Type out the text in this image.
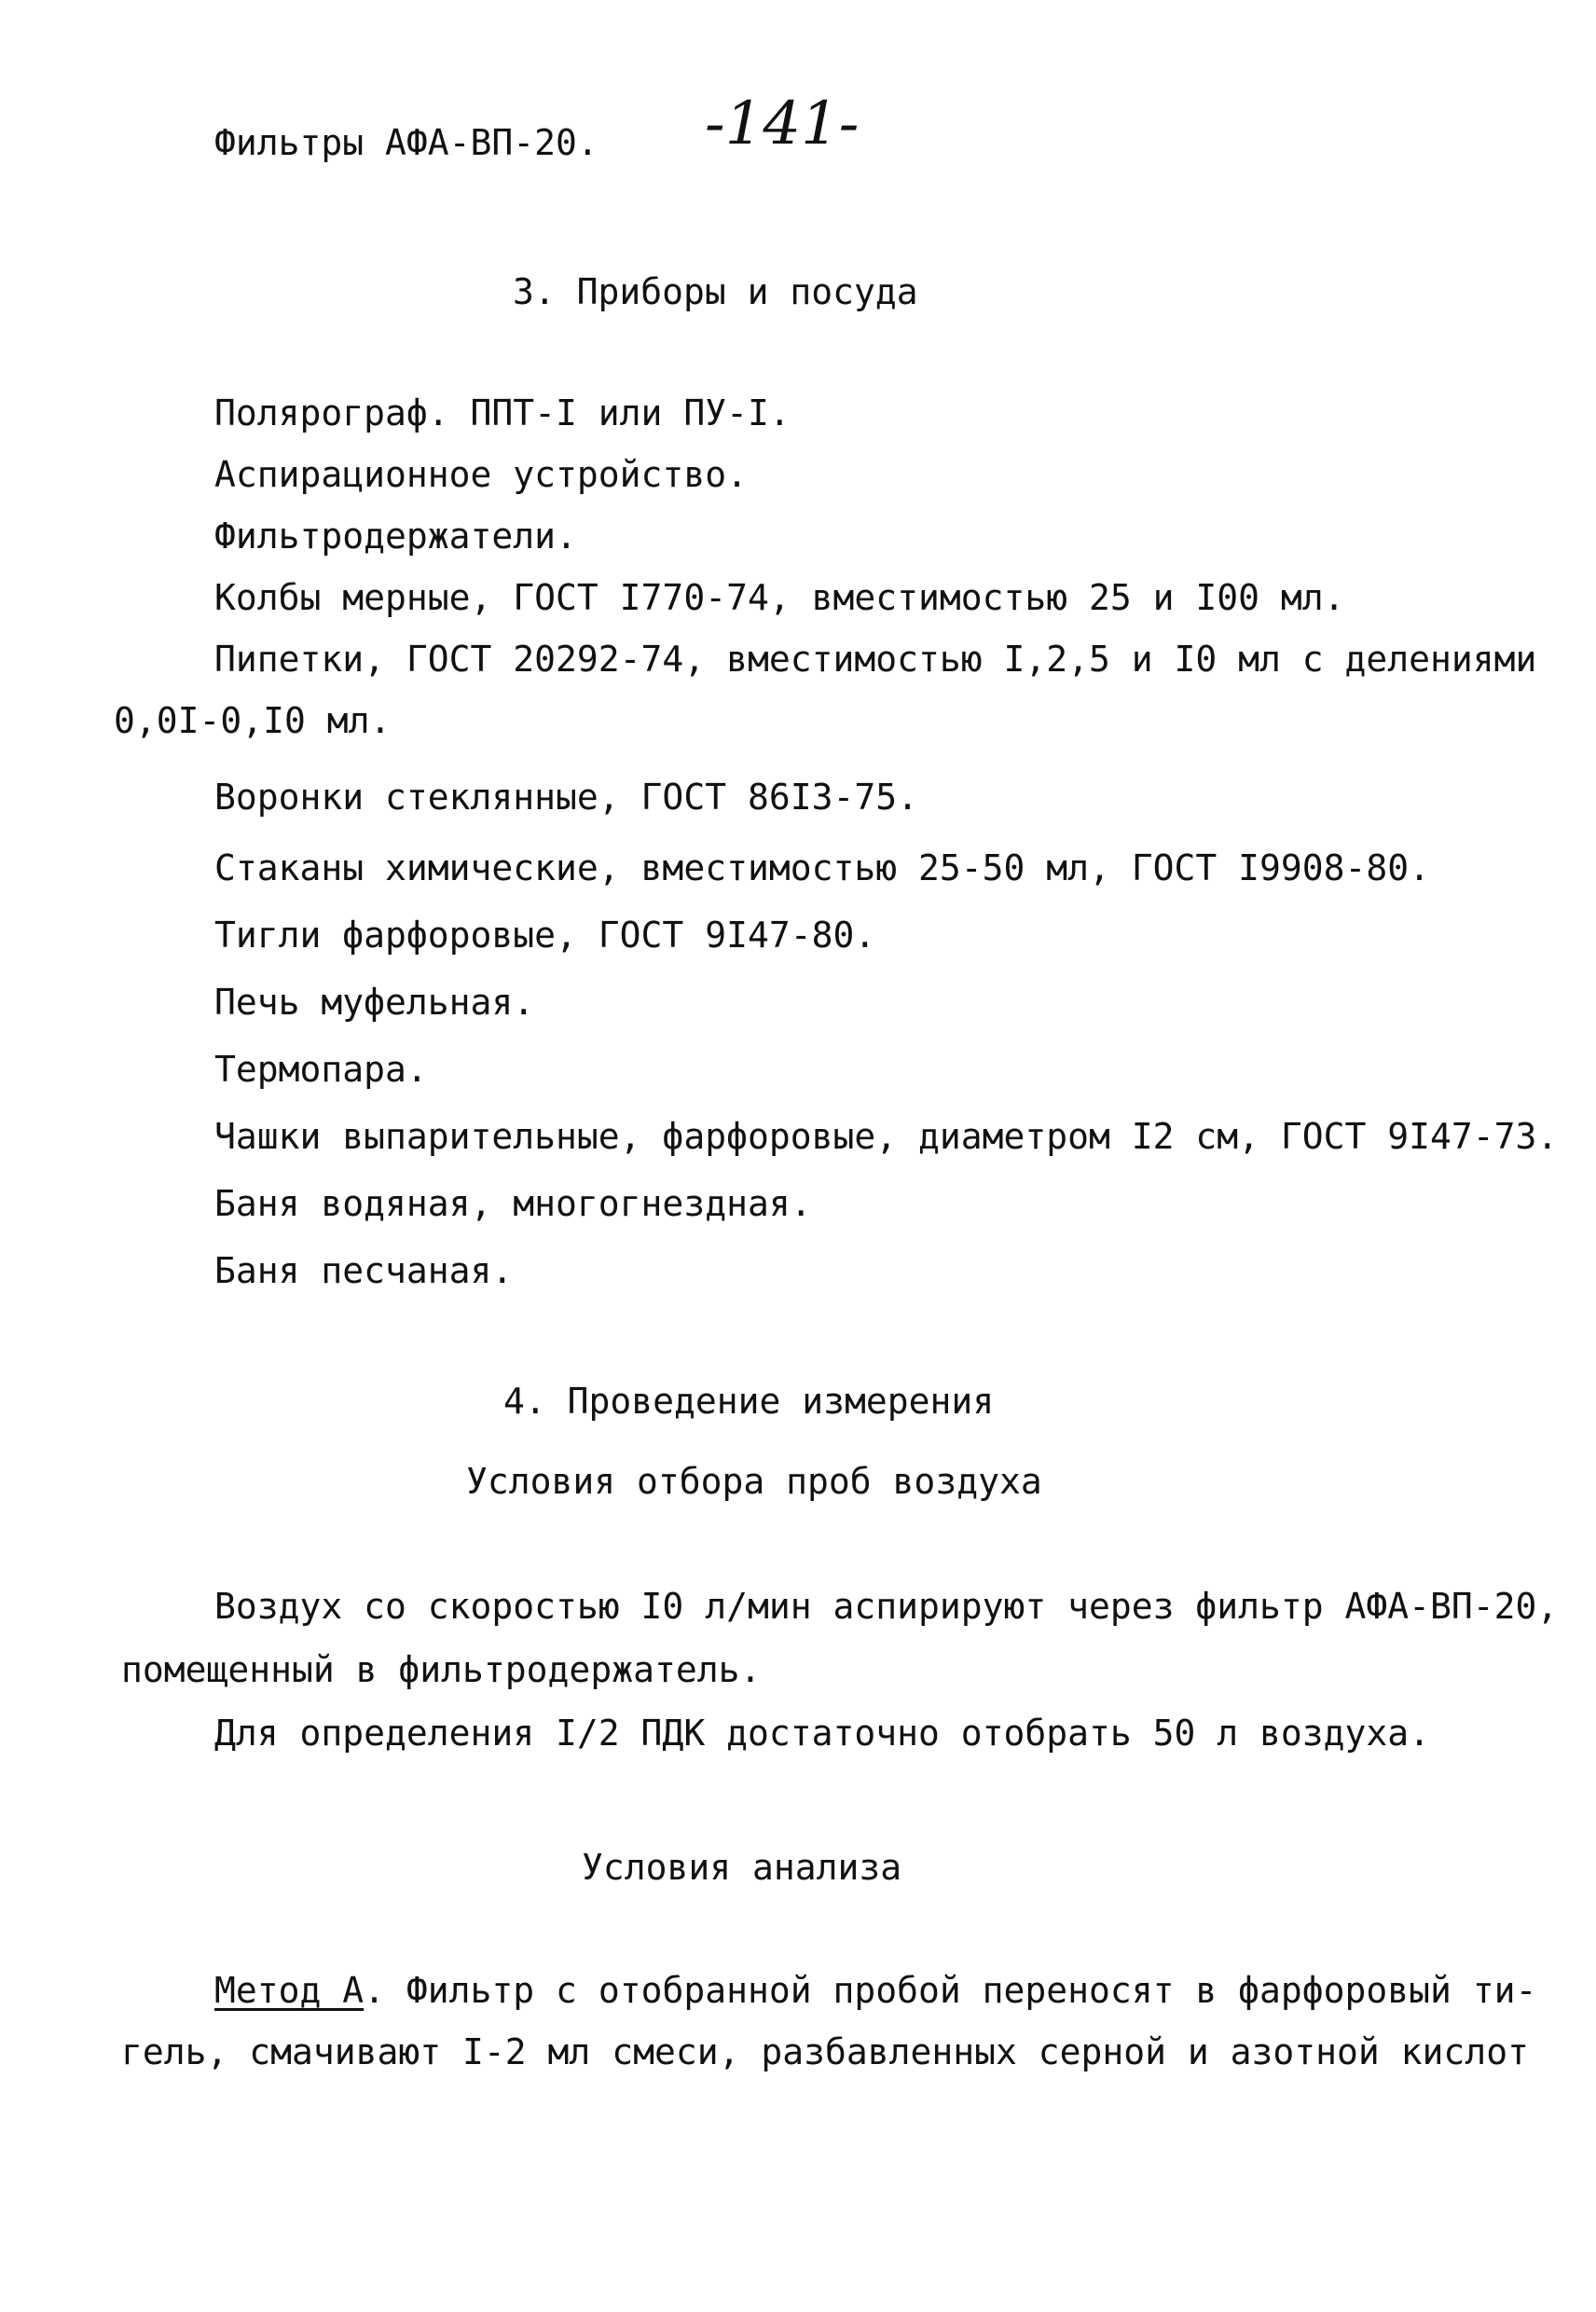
Фильтры АФА-ВП-20. -141-
3. Приборы и посуда
Полярограф. ППТ-I или ПУ-I.
Аспирационное устройство.
Фильтродержатели.
Колбы мерные, ГОСТ I770-74, вместимостью 25 и I00 мл.
Пипетки, ГОСТ 20292-74, вместимостью I,2,5 и I0 мл с делениями
0,0I-0,I0 мл.
Воронки стеклянные, ГОСТ 86I3-75.
Стаканы химические, вместимостью 25-50 мл, ГОСТ I9908-80.
Тигли фарфоровые, ГОСТ 9I47-80.
Печь муфельная.
Термопара.
Чашки выпарительные, фарфоровые, диаметром I2 см, ГОСТ 9I47-73.
Баня водяная, многогнездная.
Баня песчаная.
4. Проведение измерения
Условия отбора проб воздуха
Воздух со скоростью I0 л/мин аспирируют через фильтр АФА-ВП-20,
помещенный в фильтродержатель.
Для определения I/2 ПДК достаточно отобрать 50 л воздуха.
Условия анализа
Метод А. Фильтр с отобранной пробой переносят в фарфоровый ти-
гель, смачивают I-2 мл смеси, разбавленных серной и азотной кислот
